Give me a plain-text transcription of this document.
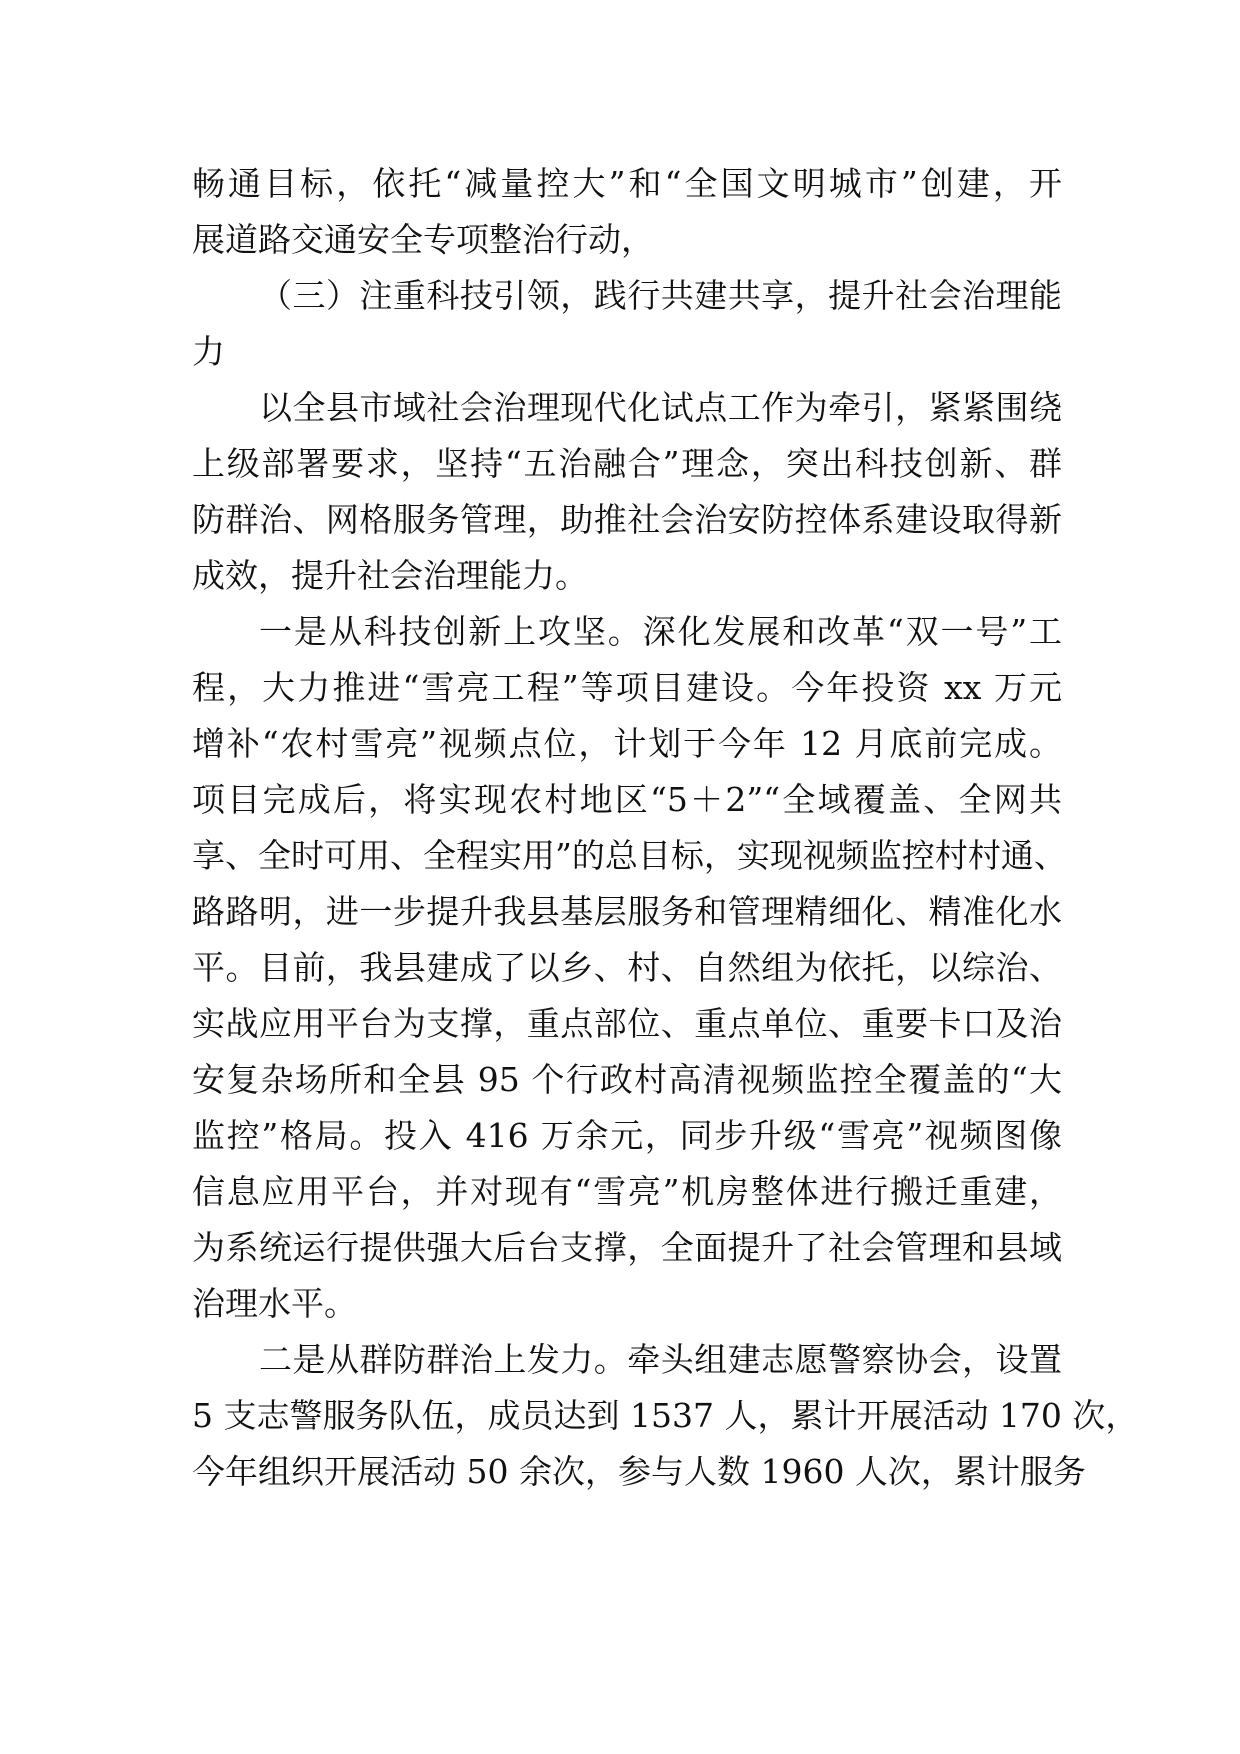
畅通目标，依托“减量控大”和“全国文明城市”创建，开
展道路交通安全专项整治行动，
（三）注重科技引领，践行共建共享，提升社会治理能
力
以全县市域社会治理现代化试点工作为牵引，紧紧围绕
上级部署要求，坚持“五治融合”理念，突出科技创新、群
防群治、网格服务管理，助推社会治安防控体系建设取得新
成效，提升社会治理能力。
一是从科技创新上攻坚。深化发展和改革“双一号”工
程，大力推进“雪亮工程”等项目建设。今年投资 xx 万元
增补“农村雪亮”视频点位，计划于今年 12 月底前完成。
项目完成后，将实现农村地区“5＋2”“全域覆盖、全网共
享、全时可用、全程实用”的总目标，实现视频监控村村通、
路路明，进一步提升我县基层服务和管理精细化、精准化水
平。目前，我县建成了以乡、村、自然组为依托，以综治、
实战应用平台为支撑，重点部位、重点单位、重要卡口及治
安复杂场所和全县 95 个行政村高清视频监控全覆盖的“大
监控”格局。投入 416 万余元，同步升级“雪亮”视频图像
信息应用平台，并对现有“雪亮”机房整体进行搬迁重建，
为系统运行提供强大后台支撑，全面提升了社会管理和县域
治理水平。
二是从群防群治上发力。牵头组建志愿警察协会，设置
5 支志警服务队伍，成员达到 1537 人，累计开展活动 170 次，
今年组织开展活动 50 余次，参与人数 1960 人次，累计服务
